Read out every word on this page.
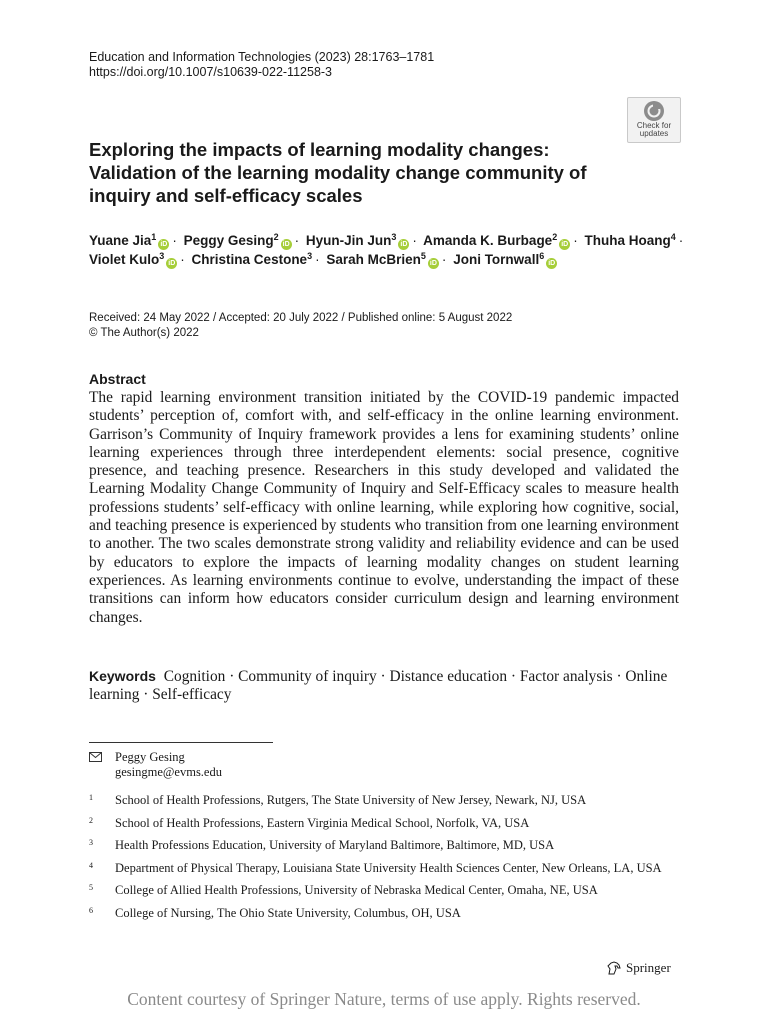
Education and Information Technologies (2023) 28:1763–1781
https://doi.org/10.1007/s10639-022-11258-3
Check for
updates
Exploring the impacts of learning modality changes: Validation of the learning modality change community of inquiry and self-efficacy scales
Yuane Jia$^1$iD · Peggy Gesing$^2$iD · Hyun-Jin Jun$^3$iD · Amanda K. Burbage$^2$iD · Thuha Hoang$^4$ · Violet Kulo$^3$iD · Christina Cestone$^3$ · Sarah McBrien$^5$iD · Joni Tornwall$^6$iD
Received: 24 May 2022 / Accepted: 20 July 2022 / Published online: 5 August 2022
© The Author(s) 2022
Abstract

The rapid learning environment transition initiated by the COVID-19 pandemic impacted students’ perception of, comfort with, and self-efficacy in the online learning environment. Garrison’s Community of Inquiry framework provides a lens for examining students’ online learning experiences through three interdependent elements: social presence, cognitive presence, and teaching presence. Researchers in this study developed and validated the Learning Modality Change Community of Inquiry and Self-Efficacy scales to measure health professions students’ self-efficacy with online learning, while exploring how cognitive, social, and teaching presence is experienced by students who transition from one learning environment to another. The two scales demonstrate strong validity and reliability evidence and can be used by educators to explore the impacts of learning modality changes on student learning experiences. As learning environments continue to evolve, understanding the impact of these transitions can inform how educators consider curriculum design and learning environment changes.

Keywords Cognition · Community of inquiry · Distance education · Factor analysis · Online learning · Self-efficacy
Peggy Gesing
gesingme@evms.edu
1	School of Health Professions, Rutgers, The State University of New Jersey, Newark, NJ, USA
2	School of Health Professions, Eastern Virginia Medical School, Norfolk, VA, USA
3	Health Professions Education, University of Maryland Baltimore, Baltimore, MD, USA
4	Department of Physical Therapy, Louisiana State University Health Sciences Center, New Orleans, LA, USA
5	College of Allied Health Professions, University of Nebraska Medical Center, Omaha, NE, USA
6	College of Nursing, The Ohio State University, Columbus, OH, USA
Springer
Content courtesy of Springer Nature, terms of use apply. Rights reserved.
